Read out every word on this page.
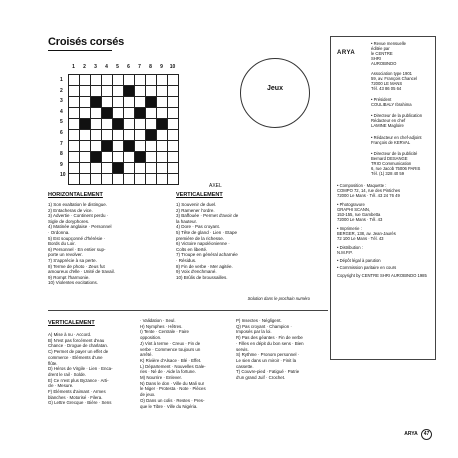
Croisés corsés
1	2	3	4	5	6	7	8	9	10
1
2
3
4
5
6
7
8
9
10

AXEL
Jeux
HORIZONTALEMENT
1) Son exaltation le distingue.
2) Entacheras de vice.
3) Advertie · Continent perdu ·
Sigle de doryphores.
4) Matinée anglaise · Personnel
· Ordonna.
5) Est soupçonné d'hérésie ·
Bords du Loir.
6) Personnel · En entier sup-
porte un revolver.
7) S'apprécie à sa perte.
8) Terme de photo · Zeus fut
amoureux d'elle · Unité de travail.
9) Rompt l'harmonie.
10) Violentes excitations.
VERTICALEMENT
1) Souvenir de duel.
2) Ramener l'ordre.
3) Baffouée · Permet d'avoir de
la hauteur.
4) Dore · Pas croyant.
5) Tête de gland · Lien · Etape
première de la richesse.
6) Victoire napoléonienne ·
Colts en liberté.
7) Troupe en général acharnée
· Résidus.
8) Fin de verbe · Mer agitée.
9) Voix d'enchmané.
10) Brûlis de broussailles.
Solution dans le prochain numéro
ARYA
• Revue mensuelle
éditée par
le CENTRE
SHRI
AUROBINDO
Association type 1901
59, av. François Chancel
72000 LE MANS
Tél. 43 86 05 64
• Président
COULIBALY Ibrahima
• Directeur de la publication
Rédacteur en chef
LAMINE Magloire
• Rédacteur en chef-adjoint
François de KERVAL
• Directeur de la publicité
Bernard DESANGE
TRIO Communication
6, rue Jacob 75006 PARIS
Tél. (1) 328 40 59
• Composition · Maquette :
COMPO 72, 14, rue des Pintiches
72000 Le Mans · Tél. 43 24 76 49
• Photogravure
GRAPHI SCANN,
153-155, rue Gambetta
72000 Le Mans · Tél. 43
• Imprimerie :
BERGER, 138, av. Jean-Jaurès
72 100 Le Mans · Tél. 43
• Distribution :
N.M.P.P.
• Dépôt légal à parution
• Commission paritaire en cours
Copyright by CENTRE SHRI AUROBINDO 1985
VERTICALEMENT
A) Mise à nu · Accord.
B) N'est pas forcément d'eau
Chance · Drogue de charlatan.
C) Permet de payer un effet de
commerce · Eléments d'une
flûte.
D) Héros de Virgile · Lien · Enca-
drent le rail · Solde.
E) Ce n'est plus Byzance · Arti-
cle · Mesure.
F) Eléments d'aimant · Armes
blanches · Motorisé · Filera.
G) Lettre Grecque · Bière · Sens
· Validation · Seul.
H) Nymphes · Hêtres.
I) Tente · Centrale · Faire
opposition.
J) Vint à terme · Creux · Fin de
verbe · Commence toujours un
arrêté.
K) Rivière d'Alsace · Blé · Effet.
L) Département · Nouvelles Gale-
ries · Né de · Aide la fortune.
M) Nourrire · Enlever.
N) Dans le don · Ville du Mali sur
le Niger · Protesta · Note · Pièces
de jeux.
O) Dans un colis · Restes · Pres-
que le Tibre · Ville du Nigéria.
P) Insectes · Négligent.
Q) Pas croyant · Champion ·
Imposés par la loi.
R) Pas des géantes · Fin de verbe
· Filles en dépit du bon sens · Bien
servis.
S) Rythme · Pronom personnel ·
Le sien dans un miroir · Finit la
cassette.
T) Couvre-pied · Fatigué · Patrie
d'un grand Juif · Crochet.
ARYA 47
